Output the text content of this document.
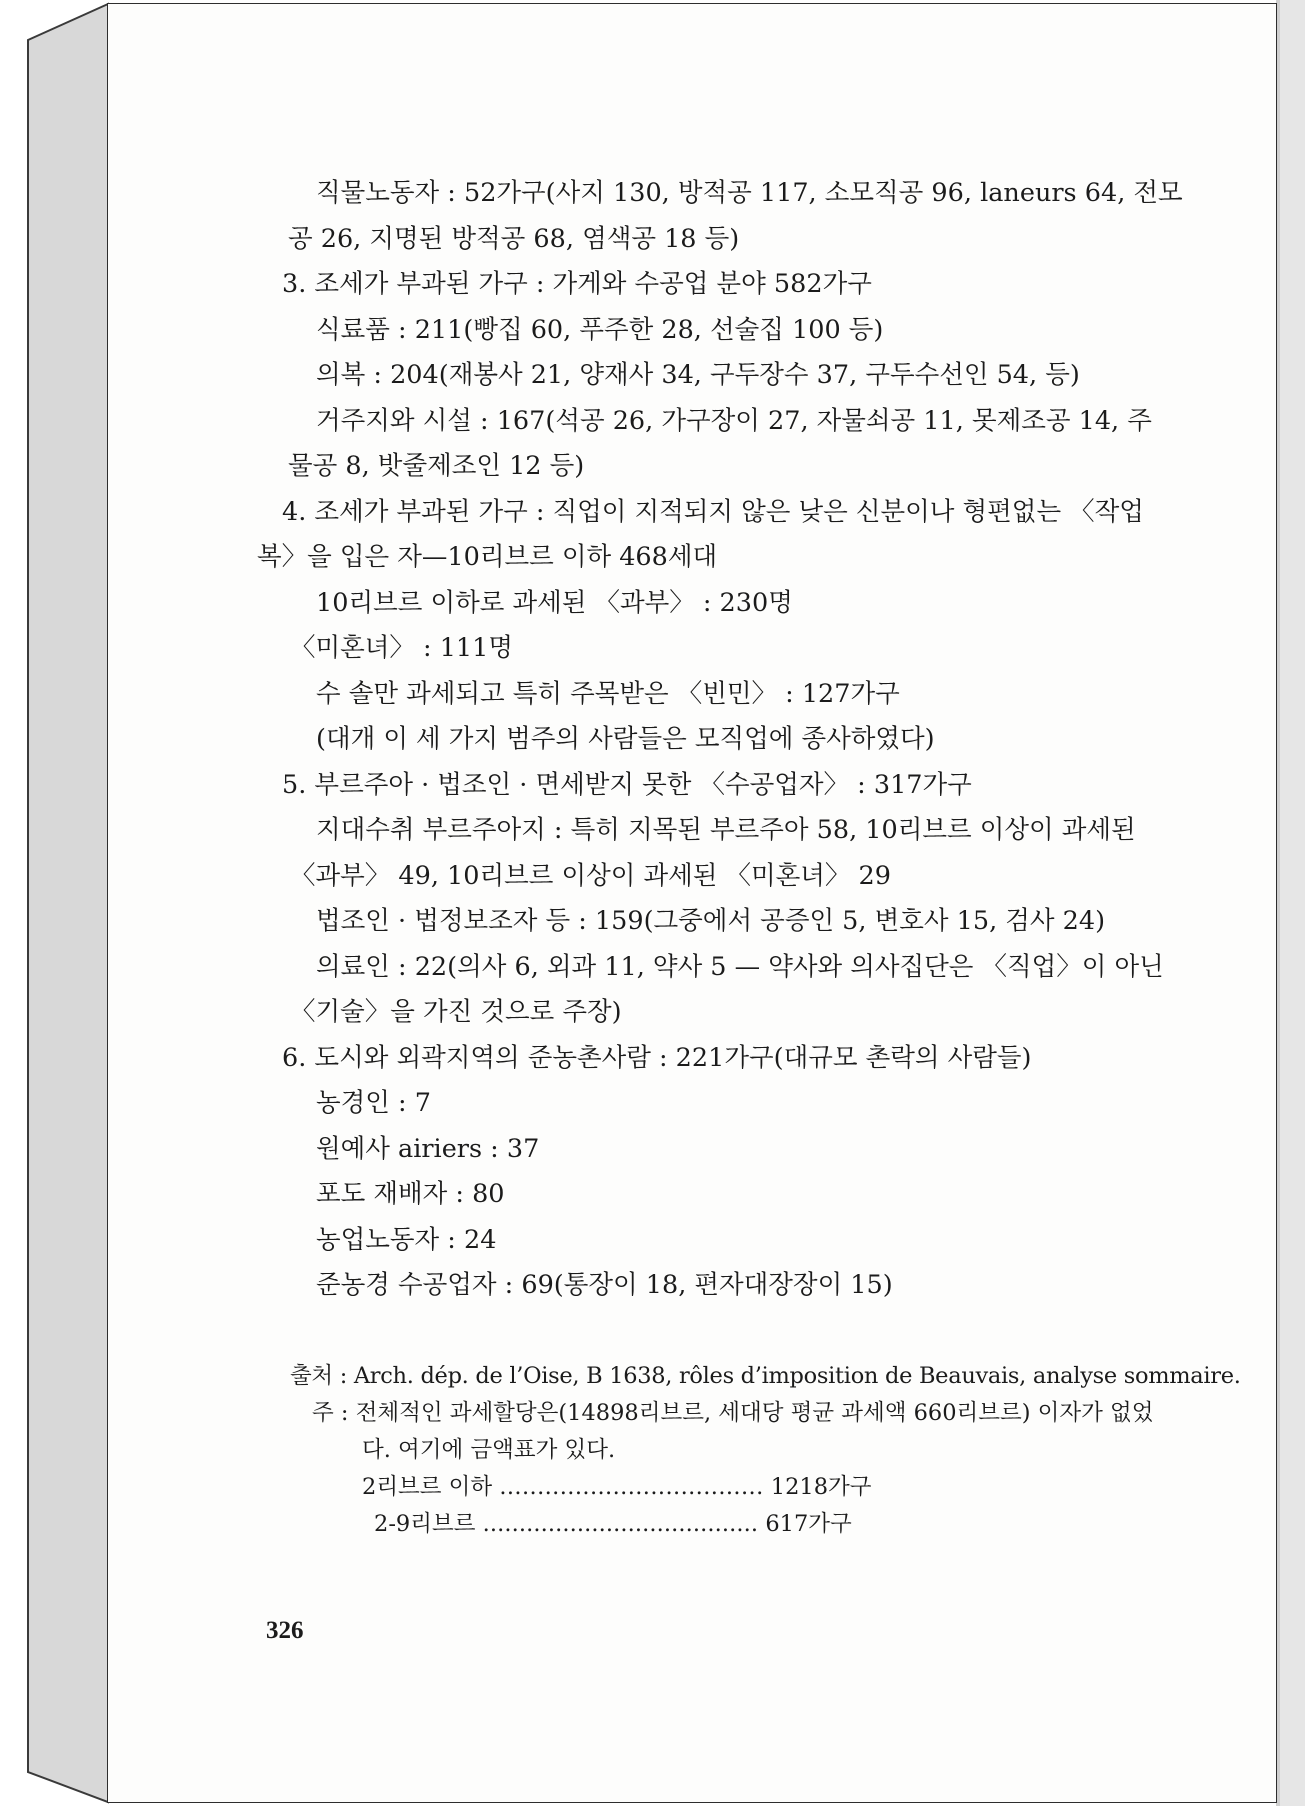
직물노동자 : 52가구(사지 130, 방적공 117, 소모직공 96, laneurs 64, 전모
공 26, 지명된 방적공 68, 염색공 18 등)
3. 조세가 부과된 가구 : 가게와 수공업 분야 582가구
식료품 : 211(빵집 60, 푸주한 28, 선술집 100 등)
의복 : 204(재봉사 21, 양재사 34, 구두장수 37, 구두수선인 54, 등)
거주지와 시설 : 167(석공 26, 가구장이 27, 자물쇠공 11, 못제조공 14, 주
물공 8, 밧줄제조인 12 등)
4. 조세가 부과된 가구 : 직업이 지적되지 않은 낮은 신분이나 형편없는 〈작업
복〉을 입은 자—10리브르 이하 468세대
10리브르 이하로 과세된 〈과부〉 : 230명
〈미혼녀〉 : 111명
수 솔만 과세되고 특히 주목받은 〈빈민〉 : 127가구
(대개 이 세 가지 범주의 사람들은 모직업에 종사하였다)
5. 부르주아 · 법조인 · 면세받지 못한 〈수공업자〉 : 317가구
지대수취 부르주아지 : 특히 지목된 부르주아 58, 10리브르 이상이 과세된
〈과부〉 49, 10리브르 이상이 과세된 〈미혼녀〉 29
법조인 · 법정보조자 등 : 159(그중에서 공증인 5, 변호사 15, 검사 24)
의료인 : 22(의사 6, 외과 11, 약사 5 — 약사와 의사집단은 〈직업〉이 아닌
〈기술〉을 가진 것으로 주장)
6. 도시와 외곽지역의 준농촌사람 : 221가구(대규모 촌락의 사람들)
농경인 : 7
원예사 airiers : 37
포도 재배자 : 80
농업노동자 : 24
준농경 수공업자 : 69(통장이 18, 편자대장장이 15)
출처 : Arch. dép. de l’Oise, B 1638, rôles d’imposition de Beauvais, analyse sommaire.
주 : 전체적인 과세할당은(14898리브르, 세대당 평균 과세액 660리브르) 이자가 없었
다. 여기에 금액표가 있다.
2리브르 이하 ................................... 1218가구
2-9리브르 ...................................... 617가구
326
